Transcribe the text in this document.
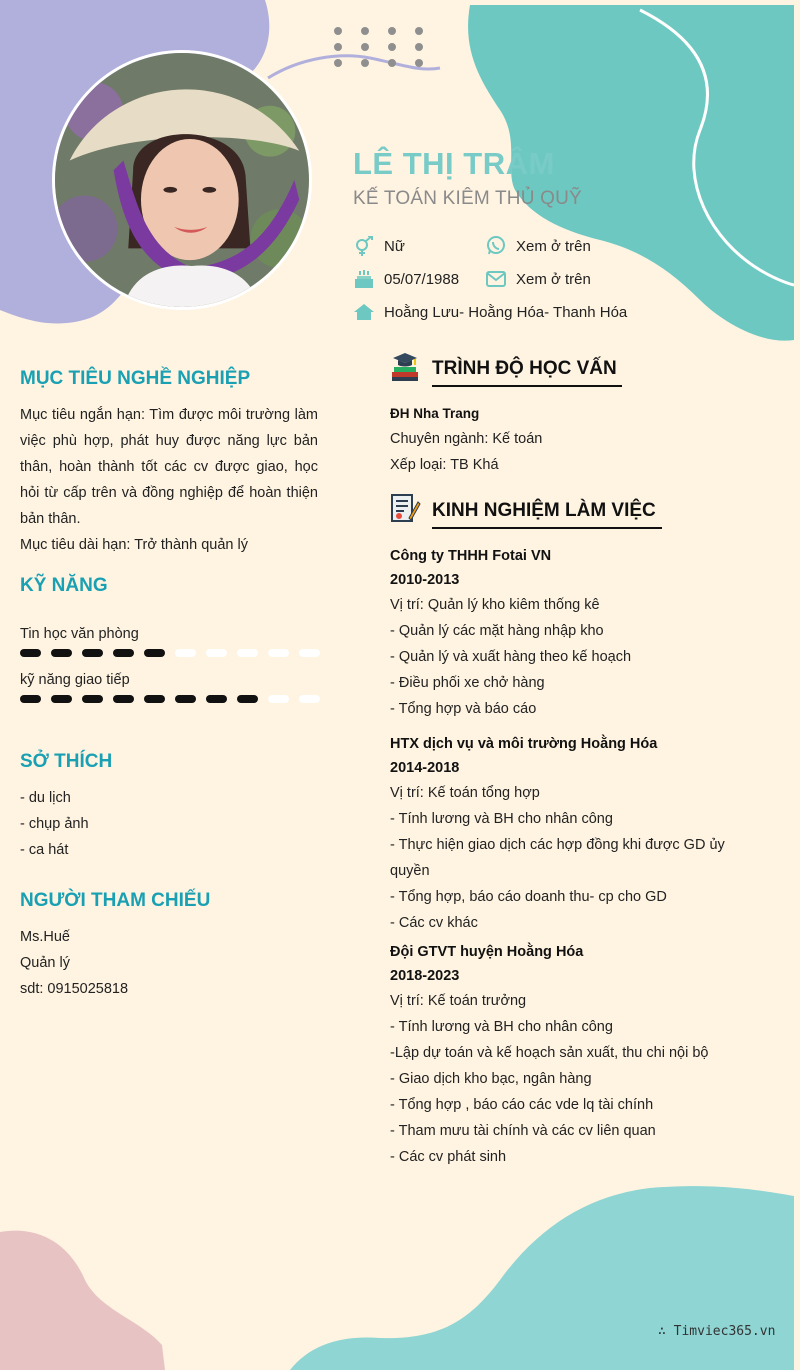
LÊ THỊ TRÂM
KẾ TOÁN KIÊM THỦ QUỸ
Nữ	Xem ở trên
05/07/1988	Xem ở trên
Hoằng Lưu- Hoằng Hóa- Thanh Hóa
MỤC TIÊU NGHỀ NGHIỆP
Mục tiêu ngắn hạn: Tìm được môi trường làm việc phù hợp, phát huy được năng lực bản thân, hoàn thành tốt các cv được giao, học hỏi từ cấp trên và đồng nghiệp để hoàn thiện bản thân.
Mục tiêu dài hạn: Trở thành quản lý
KỸ NĂNG
Tin học văn phòng
kỹ năng giao tiếp
SỞ THÍCH
- du lịch
- chụp ảnh
- ca hát
NGƯỜI THAM CHIẾU
Ms.Huế
Quản lý
sdt: 0915025818
TRÌNH ĐỘ HỌC VẤN
ĐH Nha Trang
Chuyên ngành: Kế toán
Xếp loại: TB Khá
KINH NGHIỆM LÀM VIỆC
Công ty THHH Fotai VN
2010-2013
Vị trí: Quản lý kho kiêm thống kê
- Quản lý các mặt hàng nhập kho
- Quản lý và xuất hàng theo kế hoạch
- Điều phối xe chở hàng
- Tổng hợp và báo cáo
HTX dịch vụ và môi trường Hoằng Hóa
2014-2018
Vị trí: Kế toán tổng hợp
- Tính lương và BH cho nhân công
- Thực hiện giao dịch các hợp đồng khi được GD ủy
quyền
- Tổng hợp, báo cáo doanh thu- cp cho GD
- Các cv khác
Đội GTVT huyện Hoằng Hóa
2018-2023
Vị trí: Kế toán trưởng
- Tính lương và BH cho nhân công
-Lập dự toán và kế hoạch sản xuất, thu chi nội bộ
- Giao dịch kho bạc, ngân hàng
- Tổng hợp , báo cáo các vde lq tài chính
- Tham mưu tài chính và các cv liên quan
- Các cv phát sinh
∴ Timviec365.vn
